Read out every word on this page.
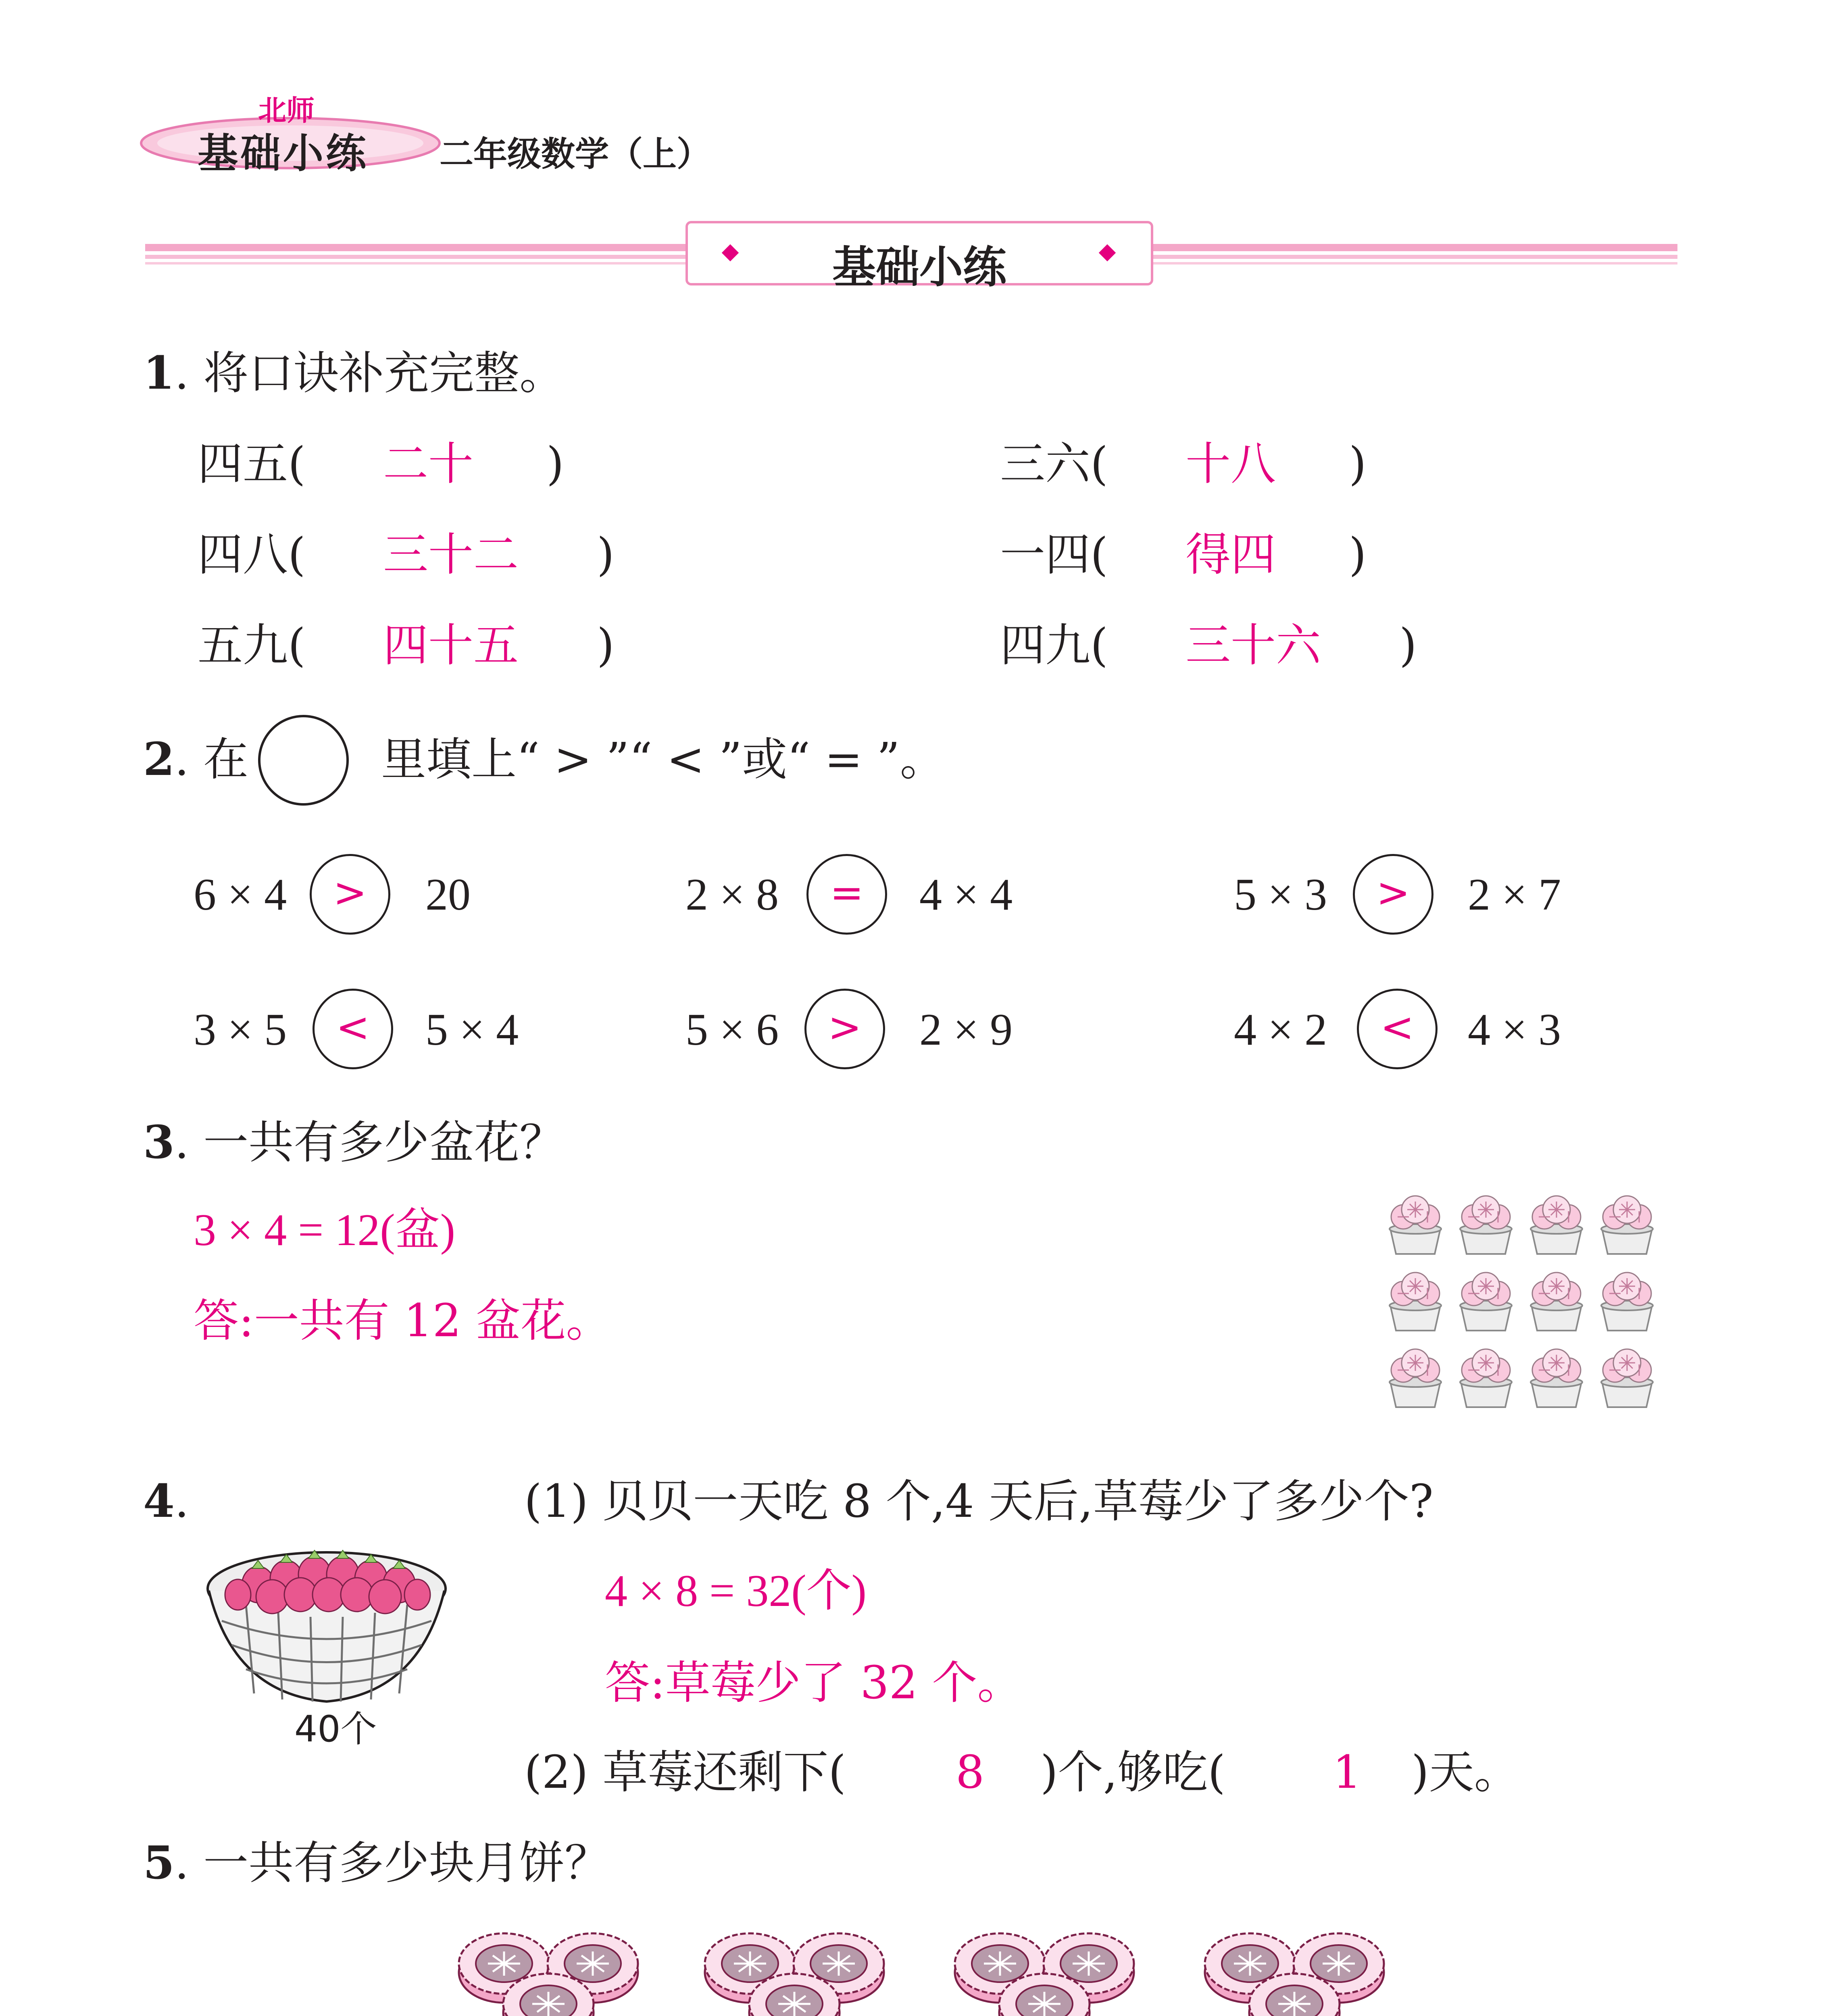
北师
基础小练 二年级数学（上）
基础小练
1. 将口诀补充完整。
四五( 二十 )	三六( 十八 )
四八( 三十二 )	一四( 得四 )
五九( 四十五 )	四九( 三十六 )
2. 在	里填上“ > ”“ < ”或“ = ”。
6 × 4	>	20	2 × 8	=	4 × 4	5 × 3	>	2 × 7
3 × 5	<	5 × 4	5 × 6	>	2 × 9	4 × 2	<	4 × 3
3. 一共有多少盆花？
3 × 4 = 12(盆)
答:一共有 12 盆花。
4.
40个
(1) 贝贝一天吃 8 个,4 天后,草莓少了多少个?
4 × 8 = 32(个)
答:草莓少了 32 个。
(2) 草莓还剩下( 8 )个,够吃( 1 )天。
5. 一共有多少块月饼？
